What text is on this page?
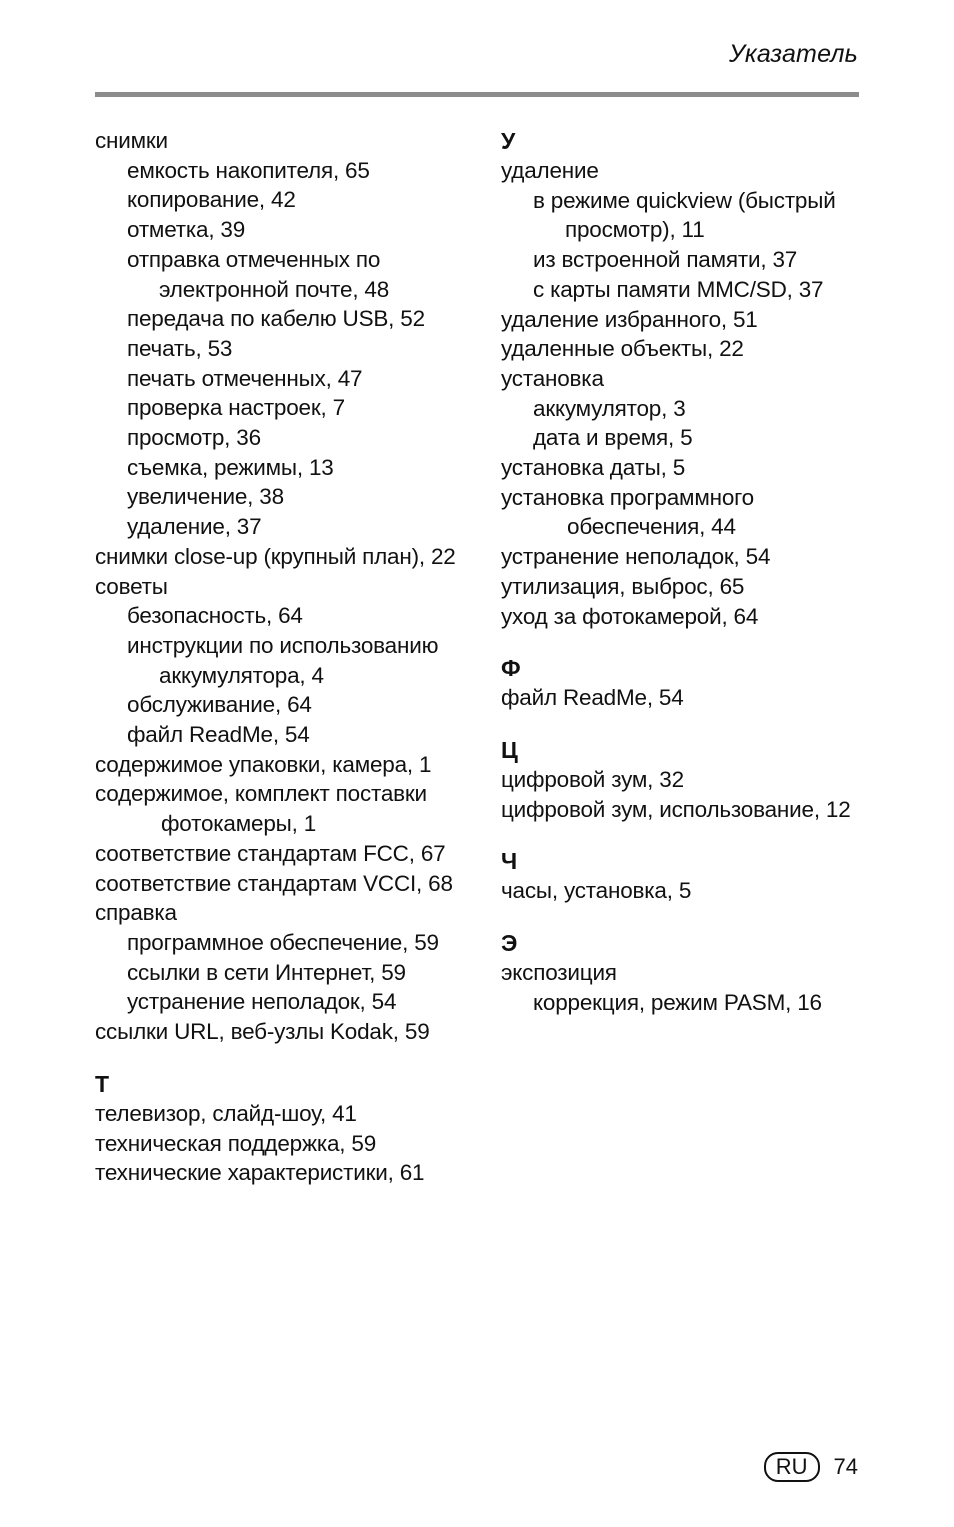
Указатель
снимки
емкость накопителя, 65
копирование, 42
отметка, 39
отправка отмеченных по
электронной почте, 48
передача по кабелю USB, 52
печать, 53
печать отмеченных, 47
проверка настроек, 7
просмотр, 36
съемка, режимы, 13
увеличение, 38
удаление, 37
снимки close-up (крупный план), 22
советы
безопасность, 64
инструкции по использованию
аккумулятора, 4
обслуживание, 64
файл ReadMe, 54
содержимое упаковки, камера, 1
содержимое, комплект поставки
фотокамеры, 1
соответствие стандартам FCC, 67
соответствие стандартам VCCI, 68
справка
программное обеспечение, 59
ссылки в сети Интернет, 59
устранение неполадок, 54
ссылки URL, веб-узлы Kodak, 59
Т
телевизор, слайд-шоу, 41
техническая поддержка, 59
технические характеристики, 61
У
удаление
в режиме quickview (быстрый
просмотр), 11
из встроенной памяти, 37
с карты памяти MMC/SD, 37
удаление избранного, 51
удаленные объекты, 22
установка
аккумулятор, 3
дата и время, 5
установка даты, 5
установка программного
обеспечения, 44
устранение неполадок, 54
утилизация, выброс, 65
уход за фотокамерой, 64
Ф
файл ReadMe, 54
Ц
цифровой зум, 32
цифровой зум, использование, 12
Ч
часы, установка, 5
Э
экспозиция
коррекция, режим PASM, 16
RU	74
